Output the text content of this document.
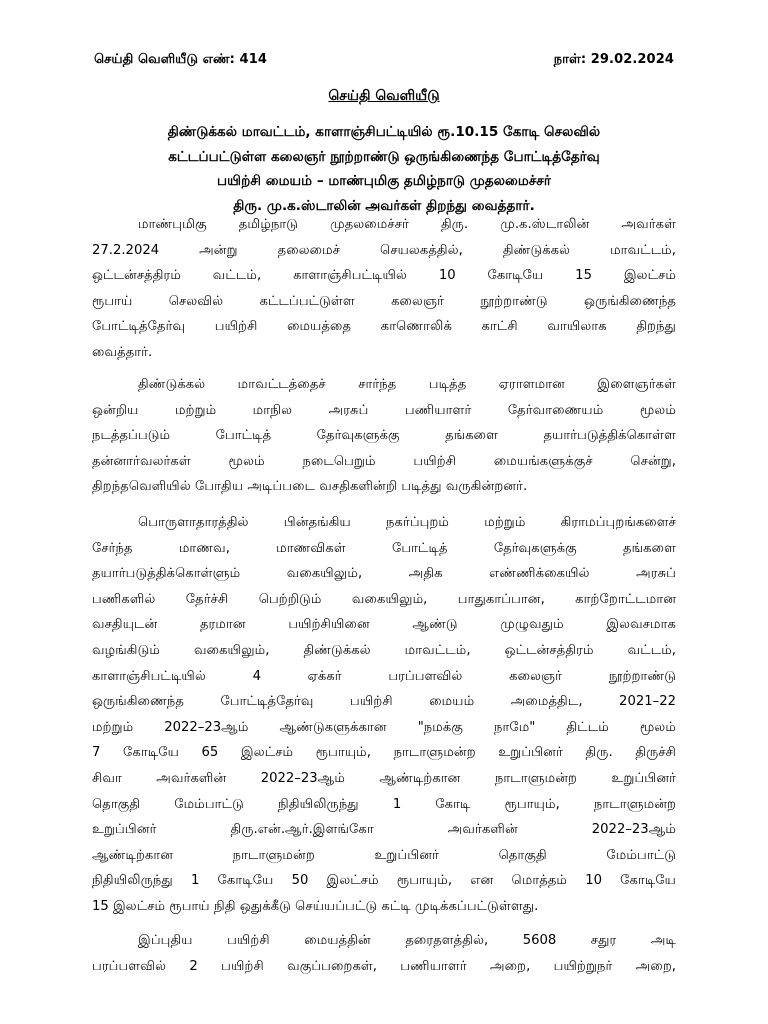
செய்தி வெளியீடு எண்: 414	நாள்: 29.02.2024
செய்தி வெளியீடு
திண்டுக்கல் மாவட்டம், காளாஞ்சிபட்டியில் ரூ.10.15 கோடி செலவில்
கட்டப்பட்டுள்ள கலைஞர் நூற்றாண்டு ஒருங்கிணைந்த போட்டித்தேர்வு
பயிற்சி மையம் – மாண்புமிகு தமிழ்நாடு முதலமைச்சர்
திரு. மு.க.ஸ்டாலின் அவர்கள் திறந்து வைத்தார்.
மாண்புமிகு தமிழ்நாடு முதலமைச்சர் திரு. மு.க.ஸ்டாலின் அவர்கள்
27.2.2024 அன்று தலைமைச் செயலகத்தில், திண்டுக்கல் மாவட்டம்,
ஒட்டன்சத்திரம் வட்டம், காளாஞ்சிபட்டியில் 10 கோடியே 15 இலட்சம்
ரூபாய் செலவில் கட்டப்பட்டுள்ள கலைஞர் நூற்றாண்டு ஒருங்கிணைந்த
போட்டித்தேர்வு பயிற்சி மையத்தை காணொலிக் காட்சி வாயிலாக திறந்து
வைத்தார்.
திண்டுக்கல் மாவட்டத்தைச் சார்ந்த படித்த ஏராளமான இளைஞர்கள்
ஒன்றிய மற்றும் மாநில அரசுப் பணியாளர் தேர்வாணையம் மூலம்
நடத்தப்படும் போட்டித் தேர்வுகளுக்கு தங்களை தயார்படுத்திக்கொள்ள
தன்னார்வலர்கள் மூலம் நடைபெறும் பயிற்சி மையங்களுக்குச் சென்று,
திறந்தவெளியில் போதிய அடிப்படை வசதிகளின்றி படித்து வருகின்றனர்.
பொருளாதாரத்தில் பின்தங்கிய நகர்ப்புறம் மற்றும் கிராமப்புறங்களைச்
சேர்ந்த மாணவ, மாணவிகள் போட்டித் தேர்வுகளுக்கு தங்களை
தயார்படுத்திக்கொள்ளும் வகையிலும், அதிக எண்ணிக்கையில் அரசுப்
பணிகளில் தேர்ச்சி பெற்றிடும் வகையிலும், பாதுகாப்பான, காற்றோட்டமான
வசதியுடன் தரமான பயிற்சியினை ஆண்டு முழுவதும் இலவசமாக
வழங்கிடும் வகையிலும், திண்டுக்கல் மாவட்டம், ஒட்டன்சத்திரம் வட்டம்,
காளாஞ்சிபட்டியில் 4 ஏக்கர் பரப்பளவில் கலைஞர் நூற்றாண்டு
ஒருங்கிணைந்த போட்டித்தேர்வு பயிற்சி மையம் அமைத்திட, 2021–22
மற்றும் 2022–23ஆம் ஆண்டுகளுக்கான "நமக்கு நாமே" திட்டம் மூலம்
7 கோடியே 65 இலட்சம் ரூபாயும், நாடாளுமன்ற உறுப்பினர் திரு. திருச்சி
சிவா அவர்களின் 2022–23ஆம் ஆண்டிற்கான நாடாளுமன்ற உறுப்பினர்
தொகுதி மேம்பாட்டு நிதியிலிருந்து 1 கோடி ரூபாயும், நாடாளுமன்ற
உறுப்பினர் திரு.என்.ஆர்.இளங்கோ அவர்களின் 2022–23ஆம்
ஆண்டிற்கான நாடாளுமன்ற உறுப்பினர் தொகுதி மேம்பாட்டு
நிதியிலிருந்து 1 கோடியே 50 இலட்சம் ரூபாயும், என மொத்தம் 10 கோடியே
15 இலட்சம் ரூபாய் நிதி ஒதுக்கீடு செய்யப்பட்டு கட்டி முடிக்கப்பட்டுள்ளது.
இப்புதிய பயிற்சி மையத்தின் தரைதளத்தில், 5608 சதுர அடி
பரப்பளவில் 2 பயிற்சி வகுப்பறைகள், பணியாளர் அறை, பயிற்றுநர் அறை,
